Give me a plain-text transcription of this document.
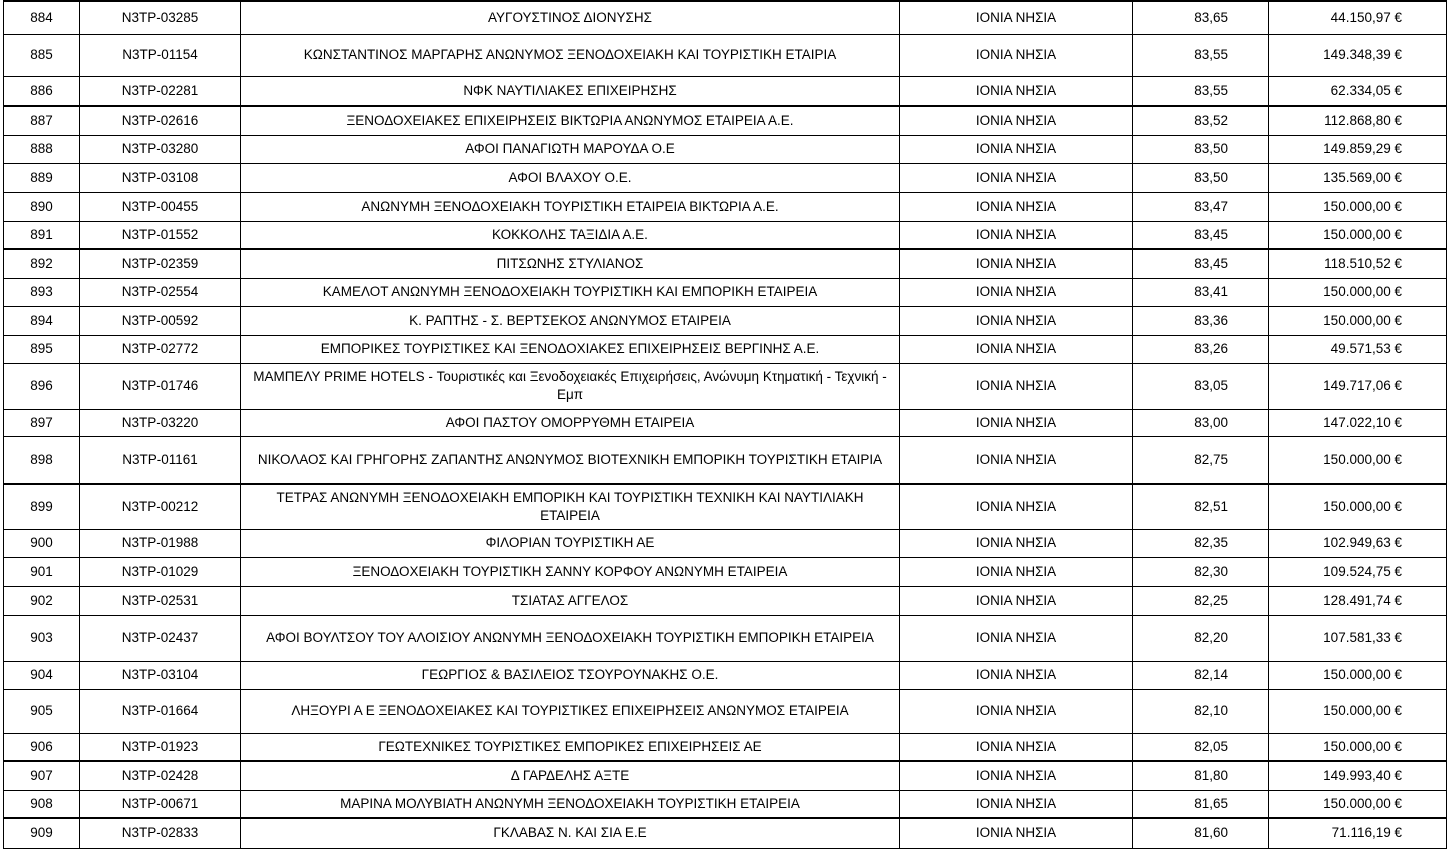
884	N3TP-03285	ΑΥΓΟΥΣΤΙΝΟΣ ΔΙΟΝΥΣΗΣ	ΙΟΝΙΑ ΝΗΣΙΑ	83,65	44.150,97 €
885	N3TP-01154	ΚΩΝΣΤΑΝΤΙΝΟΣ ΜΑΡΓΑΡΗΣ ΑΝΩΝΥΜΟΣ ΞΕΝΟΔΟΧΕΙΑΚΗ ΚΑΙ ΤΟΥΡΙΣΤΙΚΗ ΕΤΑΙΡΙΑ	ΙΟΝΙΑ ΝΗΣΙΑ	83,55	149.348,39 €
886	N3TP-02281	ΝΦΚ ΝΑΥΤΙΛΙΑΚΕΣ ΕΠΙΧΕΙΡΗΣΗΣ	ΙΟΝΙΑ ΝΗΣΙΑ	83,55	62.334,05 €
887	N3TP-02616	ΞΕΝΟΔΟΧΕΙΑΚΕΣ ΕΠΙΧΕΙΡΗΣΕΙΣ ΒΙΚΤΩΡΙΑ ΑΝΩΝΥΜΟΣ ΕΤΑΙΡΕΙΑ Α.Ε.	ΙΟΝΙΑ ΝΗΣΙΑ	83,52	112.868,80 €
888	N3TP-03280	ΑΦΟΙ ΠΑΝΑΓΙΩΤΗ ΜΑΡΟΥΔΑ Ο.Ε	ΙΟΝΙΑ ΝΗΣΙΑ	83,50	149.859,29 €
889	N3TP-03108	ΑΦΟΙ ΒΛΑΧΟΥ Ο.Ε.	ΙΟΝΙΑ ΝΗΣΙΑ	83,50	135.569,00 €
890	N3TP-00455	ΑΝΩΝΥΜΗ ΞΕΝΟΔΟΧΕΙΑΚΗ ΤΟΥΡΙΣΤΙΚΗ ΕΤΑΙΡΕΙΑ ΒΙΚΤΩΡΙΑ Α.Ε.	ΙΟΝΙΑ ΝΗΣΙΑ	83,47	150.000,00 €
891	N3TP-01552	ΚΟΚΚΟΛΗΣ ΤΑΞΙΔΙΑ Α.Ε.	ΙΟΝΙΑ ΝΗΣΙΑ	83,45	150.000,00 €
892	N3TP-02359	ΠΙΤΣΩΝΗΣ ΣΤΥΛΙΑΝΟΣ	ΙΟΝΙΑ ΝΗΣΙΑ	83,45	118.510,52 €
893	N3TP-02554	ΚΑΜΕΛΟΤ ΑΝΩΝΥΜΗ ΞΕΝΟΔΟΧΕΙΑΚΗ ΤΟΥΡΙΣΤΙΚΗ ΚΑΙ ΕΜΠΟΡΙΚΗ ΕΤΑΙΡΕΙΑ	ΙΟΝΙΑ ΝΗΣΙΑ	83,41	150.000,00 €
894	N3TP-00592	Κ. ΡΑΠΤΗΣ - Σ. ΒΕΡΤΣΕΚΟΣ ΑΝΩΝΥΜΟΣ ΕΤΑΙΡΕΙΑ	ΙΟΝΙΑ ΝΗΣΙΑ	83,36	150.000,00 €
895	N3TP-02772	ΕΜΠΟΡΙΚΕΣ ΤΟΥΡΙΣΤΙΚΕΣ ΚΑΙ ΞΕΝΟΔΟΧΙΑΚΕΣ ΕΠΙΧΕΙΡΗΣΕΙΣ ΒΕΡΓΙΝΗΣ Α.Ε.	ΙΟΝΙΑ ΝΗΣΙΑ	83,26	49.571,53 €
896	N3TP-01746	ΜΑΜΠΕΛΥ PRIME HOTELS - Τουριστικές και Ξενοδοχειακές Επιχειρήσεις, Ανώνυμη Κτηματική - Τεχνική - Εμπ	ΙΟΝΙΑ ΝΗΣΙΑ	83,05	149.717,06 €
897	N3TP-03220	ΑΦΟΙ ΠΑΣΤΟΥ ΟΜΟΡΡΥΘΜΗ ΕΤΑΙΡΕΙΑ	ΙΟΝΙΑ ΝΗΣΙΑ	83,00	147.022,10 €
898	N3TP-01161	ΝΙΚΟΛΑΟΣ ΚΑΙ ΓΡΗΓΟΡΗΣ ΖΑΠΑΝΤΗΣ ΑΝΩΝΥΜΟΣ ΒΙΟΤΕΧΝΙΚΗ ΕΜΠΟΡΙΚΗ ΤΟΥΡΙΣΤΙΚΗ ΕΤΑΙΡΙΑ	ΙΟΝΙΑ ΝΗΣΙΑ	82,75	150.000,00 €
899	N3TP-00212	ΤΕΤΡΑΣ ΑΝΩΝΥΜΗ ΞΕΝΟΔΟΧΕΙΑΚΗ ΕΜΠΟΡΙΚΗ ΚΑΙ ΤΟΥΡΙΣΤΙΚΗ ΤΕΧΝΙΚΗ ΚΑΙ ΝΑΥΤΙΛΙΑΚΗ ΕΤΑΙΡΕΙΑ	ΙΟΝΙΑ ΝΗΣΙΑ	82,51	150.000,00 €
900	N3TP-01988	ΦΙΛΟΡΙΑΝ ΤΟΥΡΙΣΤΙΚΗ ΑΕ	ΙΟΝΙΑ ΝΗΣΙΑ	82,35	102.949,63 €
901	N3TP-01029	ΞΕΝΟΔΟΧΕΙΑΚΗ ΤΟΥΡΙΣΤΙΚΗ ΣΑΝΝΥ ΚΟΡΦΟΥ ΑΝΩΝΥΜΗ ΕΤΑΙΡΕΙΑ	ΙΟΝΙΑ ΝΗΣΙΑ	82,30	109.524,75 €
902	N3TP-02531	ΤΣΙΑΤΑΣ ΑΓΓΕΛΟΣ	ΙΟΝΙΑ ΝΗΣΙΑ	82,25	128.491,74 €
903	N3TP-02437	ΑΦΟΙ ΒΟΥΛΤΣΟΥ ΤΟΥ ΑΛΟΙΣΙΟΥ ΑΝΩΝΥΜΗ ΞΕΝΟΔΟΧΕΙΑΚΗ ΤΟΥΡΙΣΤΙΚΗ ΕΜΠΟΡΙΚΗ ΕΤΑΙΡΕΙΑ	ΙΟΝΙΑ ΝΗΣΙΑ	82,20	107.581,33 €
904	N3TP-03104	ΓΕΩΡΓΙΟΣ & ΒΑΣΙΛΕΙΟΣ ΤΣΟΥΡΟΥΝΑΚΗΣ Ο.Ε.	ΙΟΝΙΑ ΝΗΣΙΑ	82,14	150.000,00 €
905	N3TP-01664	ΛΗΞΟΥΡΙ Α Ε ΞΕΝΟΔΟΧΕΙΑΚΕΣ ΚΑΙ ΤΟΥΡΙΣΤΙΚΕΣ ΕΠΙΧΕΙΡΗΣΕΙΣ ΑΝΩΝΥΜΟΣ ΕΤΑΙΡΕΙΑ	ΙΟΝΙΑ ΝΗΣΙΑ	82,10	150.000,00 €
906	N3TP-01923	ΓΕΩΤΕΧΝΙΚΕΣ ΤΟΥΡΙΣΤΙΚΕΣ ΕΜΠΟΡΙΚΕΣ ΕΠΙΧΕΙΡΗΣΕΙΣ ΑΕ	ΙΟΝΙΑ ΝΗΣΙΑ	82,05	150.000,00 €
907	N3TP-02428	Δ ΓΑΡΔΕΛΗΣ ΑΞΤΕ	ΙΟΝΙΑ ΝΗΣΙΑ	81,80	149.993,40 €
908	N3TP-00671	ΜΑΡΙΝΑ ΜΟΛΥΒΙΑΤΗ ΑΝΩΝΥΜΗ ΞΕΝΟΔΟΧΕΙΑΚΗ ΤΟΥΡΙΣΤΙΚΗ ΕΤΑΙΡΕΙΑ	ΙΟΝΙΑ ΝΗΣΙΑ	81,65	150.000,00 €
909	N3TP-02833	ΓΚΛΑΒΑΣ Ν. ΚΑΙ ΣΙΑ Ε.Ε	ΙΟΝΙΑ ΝΗΣΙΑ	81,60	71.116,19 €
